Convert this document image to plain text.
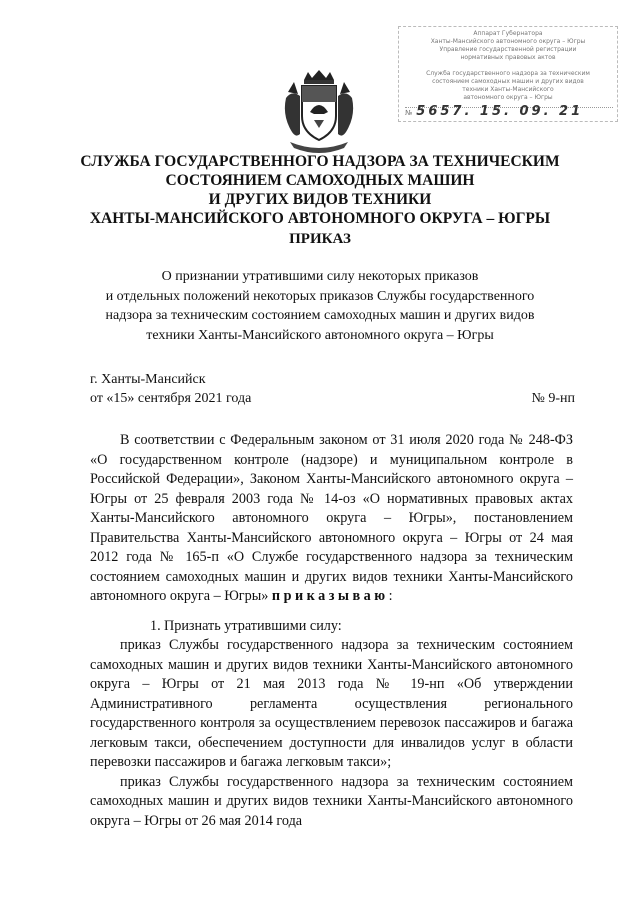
Аппарат Губернатора
Ханты-Мансийского автономного округа – Югры
Управление государственной регистрации
нормативных правовых актов

Служба государственного надзора за техническим
состоянием самоходных машин и других видов
техники Ханты-Мансийского
автономного округа – Югры
№ 5657. 15. 09. 21
СЛУЖБА ГОСУДАРСТВЕННОГО НАДЗОРА ЗА ТЕХНИЧЕСКИМ
СОСТОЯНИЕМ САМОХОДНЫХ МАШИН
И ДРУГИХ ВИДОВ ТЕХНИКИ
ХАНТЫ-МАНСИЙСКОГО АВТОНОМНОГО ОКРУГА – ЮГРЫ
ПРИКАЗ
О признании утратившими силу некоторых приказов
и отдельных положений некоторых приказов Службы государственного
надзора за техническим состоянием самоходных машин и других видов
техники Ханты-Мансийского автономного округа – Югры
г. Ханты-Мансийск
от «15» сентября 2021 года	№ 9-нп

В соответствии с Федеральным законом от 31 июля 2020 года № 248-ФЗ «О государственном контроле (надзоре) и муниципальном контроле в Российской Федерации», Законом Ханты-Мансийского автономного округа – Югры от 25 февраля 2003 года № 14-оз «О нормативных правовых актах Ханты-Мансийского автономного округа – Югры», постановлением Правительства Ханты-Мансийского автономного округа – Югры от 24 мая 2012 года № 165-п «О Службе государственного надзора за техническим состоянием самоходных машин и других видов техники Ханты-Мансийского автономного округа – Югры» приказываю:

1. Признать утратившими силу:

приказ Службы государственного надзора за техническим состоянием самоходных машин и других видов техники Ханты-Мансийского автономного округа – Югры от 21 мая 2013 года № 19-нп «Об утверждении Административного регламента осуществления регионального государственного контроля за осуществлением перевозок пассажиров и багажа легковым такси, обеспечением доступности для инвалидов услуг в области перевозки пассажиров и багажа легковым такси»;

приказ Службы государственного надзора за техническим состоянием самоходных машин и других видов техники Ханты-Мансийского автономного округа – Югры от 26 мая 2014 года
